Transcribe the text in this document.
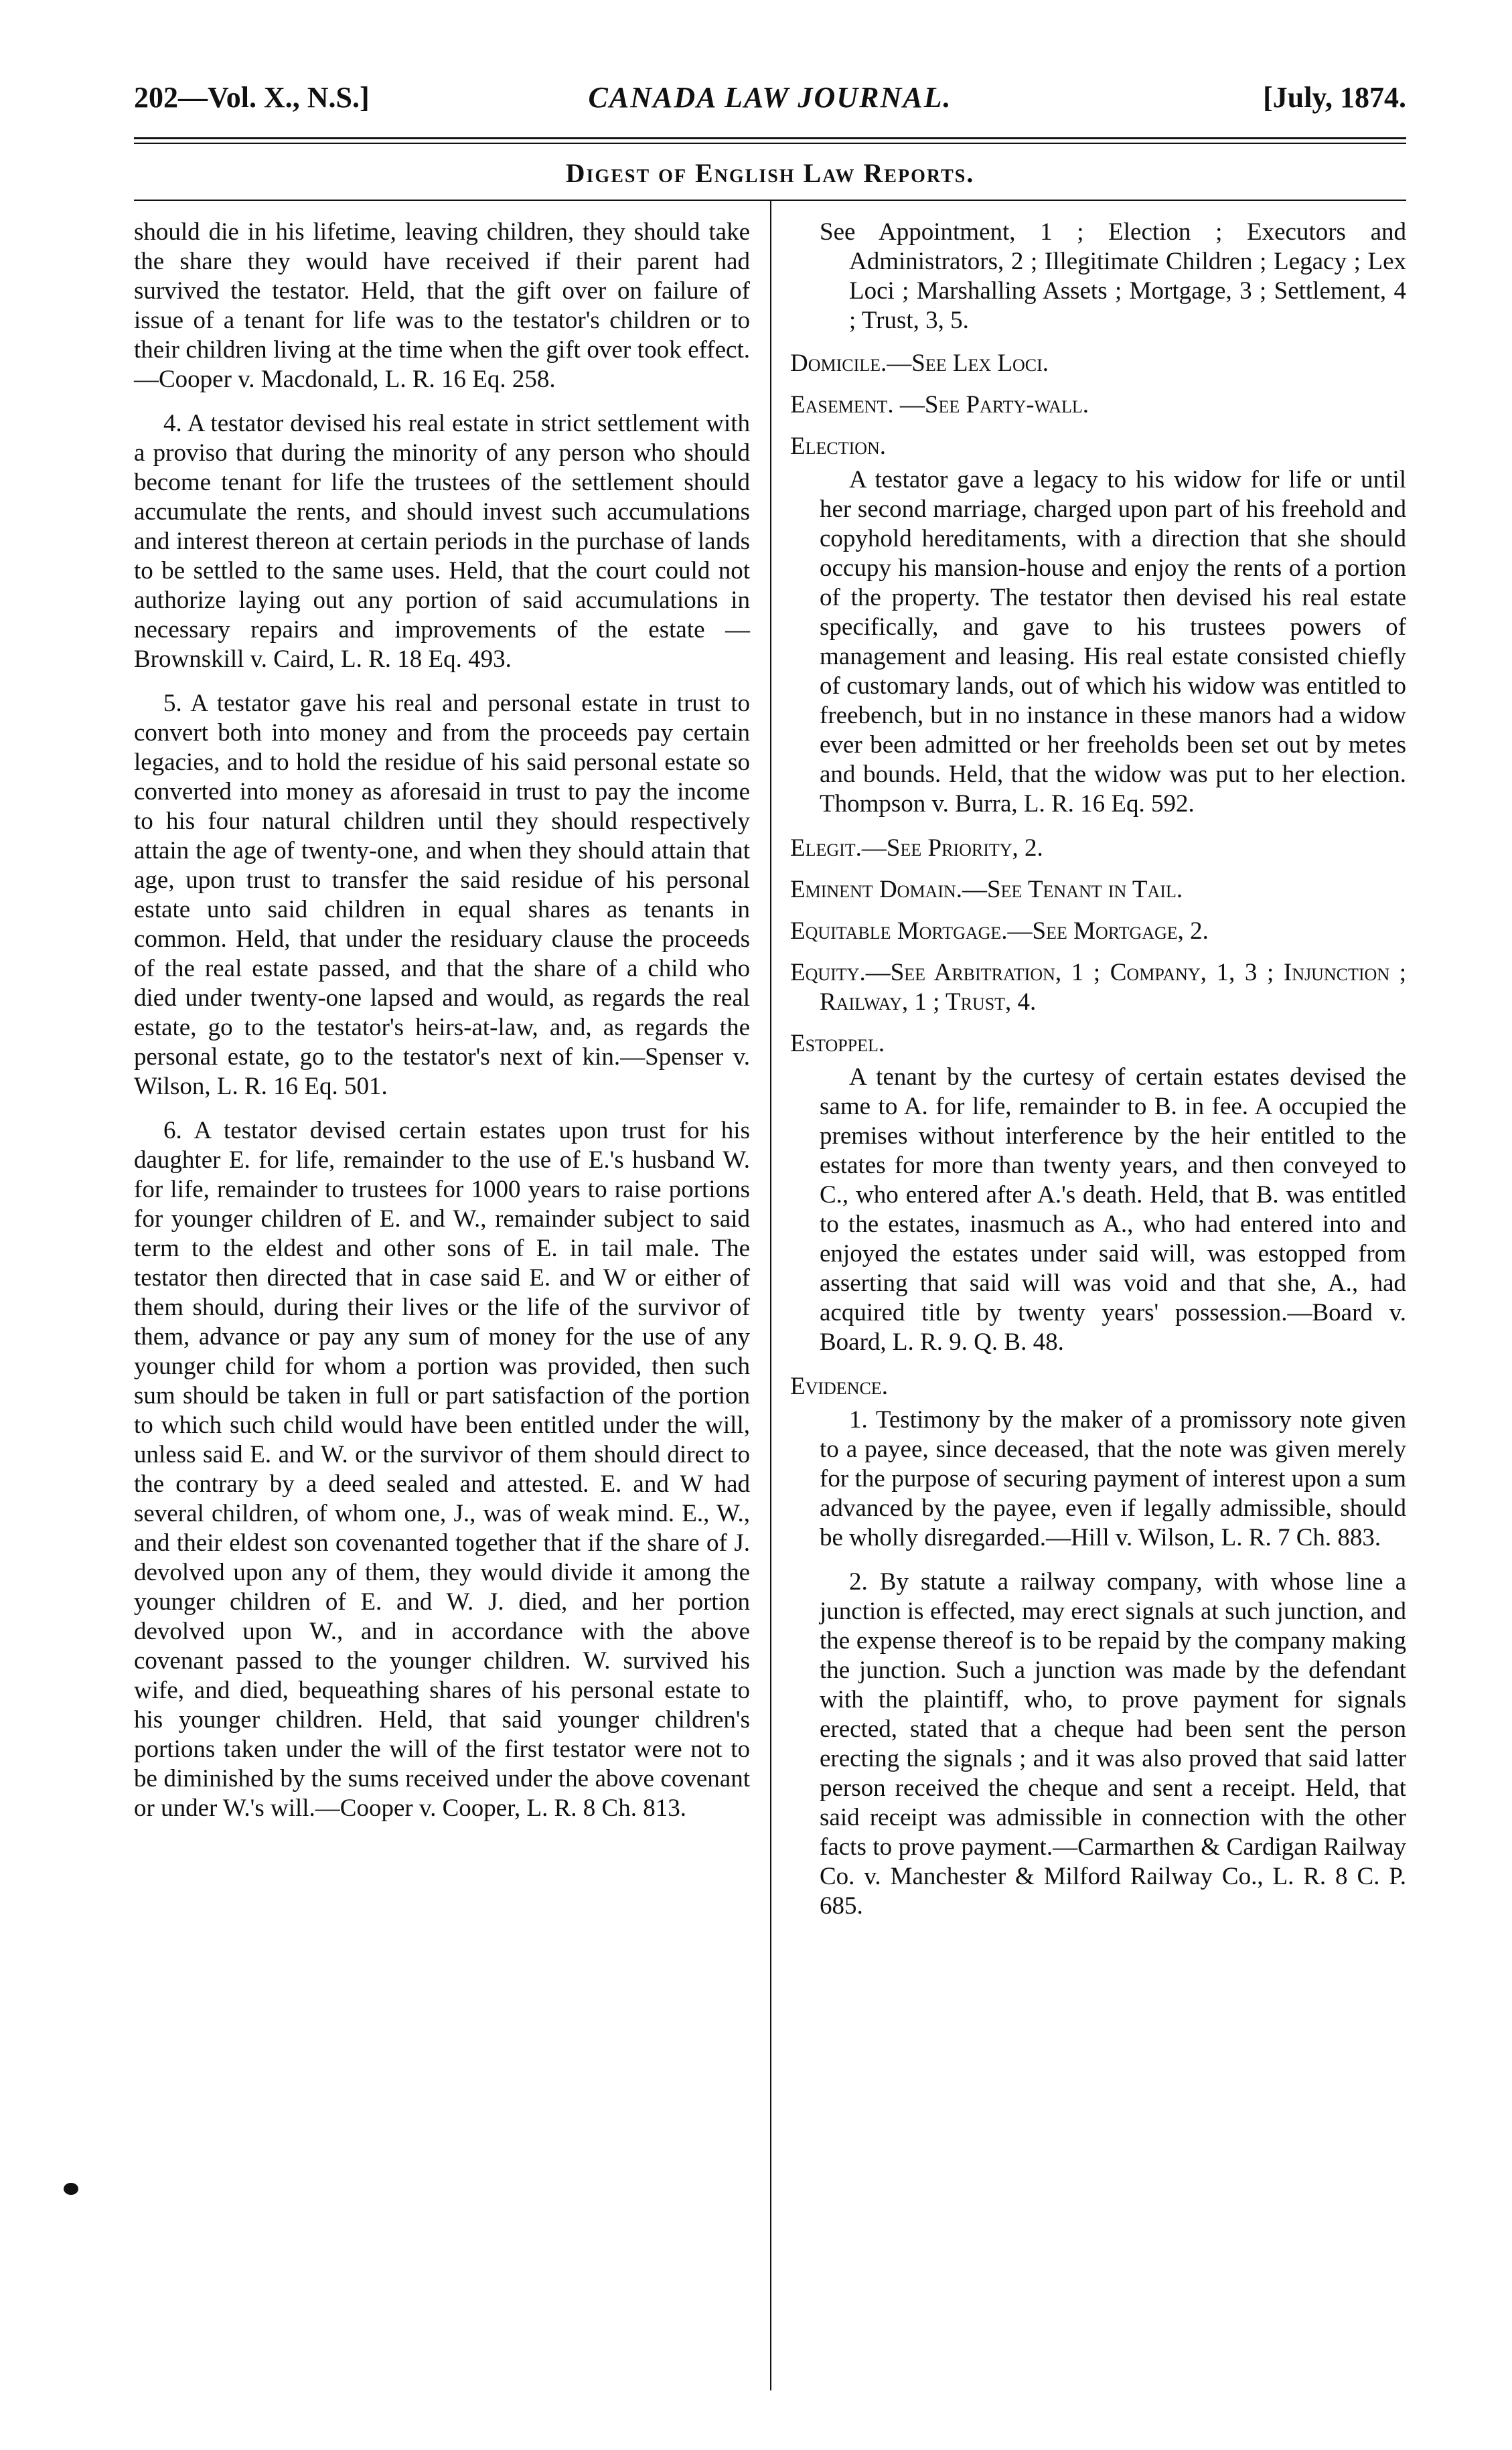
202—Vol. X., N.S.]	CANADA LAW JOURNAL.	[July, 1874.
Digest of English Law Reports.

should die in his lifetime, leaving children, they should take the share they would have received if their parent had survived the testator. Held, that the gift over on failure of issue of a tenant for life was to the testator's children or to their children living at the time when the gift over took effect.—Cooper v. Macdonald, L. R. 16 Eq. 258.

4. A testator devised his real estate in strict settlement with a proviso that during the minority of any person who should become tenant for life the trustees of the settlement should accumulate the rents, and should invest such accumulations and interest thereon at certain periods in the purchase of lands to be settled to the same uses. Held, that the court could not authorize laying out any portion of said accumulations in necessary repairs and improvements of the estate — Brownskill v. Caird, L. R. 18 Eq. 493.

5. A testator gave his real and personal estate in trust to convert both into money and from the proceeds pay certain legacies, and to hold the residue of his said personal estate so converted into money as aforesaid in trust to pay the income to his four natural children until they should respectively attain the age of twenty-one, and when they should attain that age, upon trust to transfer the said residue of his personal estate unto said children in equal shares as tenants in common. Held, that under the residuary clause the proceeds of the real estate passed, and that the share of a child who died under twenty-one lapsed and would, as regards the real estate, go to the testator's heirs-at-law, and, as regards the personal estate, go to the testator's next of kin.—Spenser v. Wilson, L. R. 16 Eq. 501.

6. A testator devised certain estates upon trust for his daughter E. for life, remainder to the use of E.'s husband W. for life, remainder to trustees for 1000 years to raise portions for younger children of E. and W., remainder subject to said term to the eldest and other sons of E. in tail male. The testator then directed that in case said E. and W or either of them should, during their lives or the life of the survivor of them, advance or pay any sum of money for the use of any younger child for whom a portion was provided, then such sum should be taken in full or part satisfaction of the portion to which such child would have been entitled under the will, unless said E. and W. or the survivor of them should direct to the contrary by a deed sealed and attested. E. and W had several children, of whom one, J., was of weak mind. E., W., and their eldest son covenanted together that if the share of J. devolved upon any of them, they would divide it among the younger children of E. and W. J. died, and her portion devolved upon W., and in accordance with the above covenant passed to the younger children. W. survived his wife, and died, bequeathing shares of his personal estate to his younger children. Held, that said younger children's portions taken under the will of the first testator were not to be diminished by the sums received under the above covenant or under W.'s will.—Cooper v. Cooper, L. R. 8 Ch. 813.

See Appointment, 1 ; Election ; Executors and Administrators, 2 ; Illegitimate Children ; Legacy ; Lex Loci ; Marshalling Assets ; Mortgage, 3 ; Settlement, 4 ; Trust, 3, 5.
Domicile.—See Lex Loci.
Easement. —See Party-wall.
Election.

A testator gave a legacy to his widow for life or until her second marriage, charged upon part of his freehold and copyhold hereditaments, with a direction that she should occupy his mansion-house and enjoy the rents of a portion of the property. The testator then devised his real estate specifically, and gave to his trustees powers of management and leasing. His real estate consisted chiefly of customary lands, out of which his widow was entitled to freebench, but in no instance in these manors had a widow ever been admitted or her freeholds been set out by metes and bounds. Held, that the widow was put to her election. Thompson v. Burra, L. R. 16 Eq. 592.

Elegit.—See Priority, 2.
Eminent Domain.—See Tenant in Tail.
Equitable Mortgage.—See Mortgage, 2.
Equity.—See Arbitration, 1 ; Company, 1, 3 ; Injunction ; Railway, 1 ; Trust, 4.
Estoppel.

A tenant by the curtesy of certain estates devised the same to A. for life, remainder to B. in fee. A occupied the premises without interference by the heir entitled to the estates for more than twenty years, and then conveyed to C., who entered after A.'s death. Held, that B. was entitled to the estates, inasmuch as A., who had entered into and enjoyed the estates under said will, was estopped from asserting that said will was void and that she, A., had acquired title by twenty years' possession.—Board v. Board, L. R. 9. Q. B. 48.

Evidence.

1. Testimony by the maker of a promissory note given to a payee, since deceased, that the note was given merely for the purpose of securing payment of interest upon a sum advanced by the payee, even if legally admissible, should be wholly disregarded.—Hill v. Wilson, L. R. 7 Ch. 883.

2. By statute a railway company, with whose line a junction is effected, may erect signals at such junction, and the expense thereof is to be repaid by the company making the junction. Such a junction was made by the defendant with the plaintiff, who, to prove payment for signals erected, stated that a cheque had been sent the person erecting the signals ; and it was also proved that said latter person received the cheque and sent a receipt. Held, that said receipt was admissible in connection with the other facts to prove payment.—Carmarthen & Cardigan Railway Co. v. Manchester & Milford Railway Co., L. R. 8 C. P. 685.
